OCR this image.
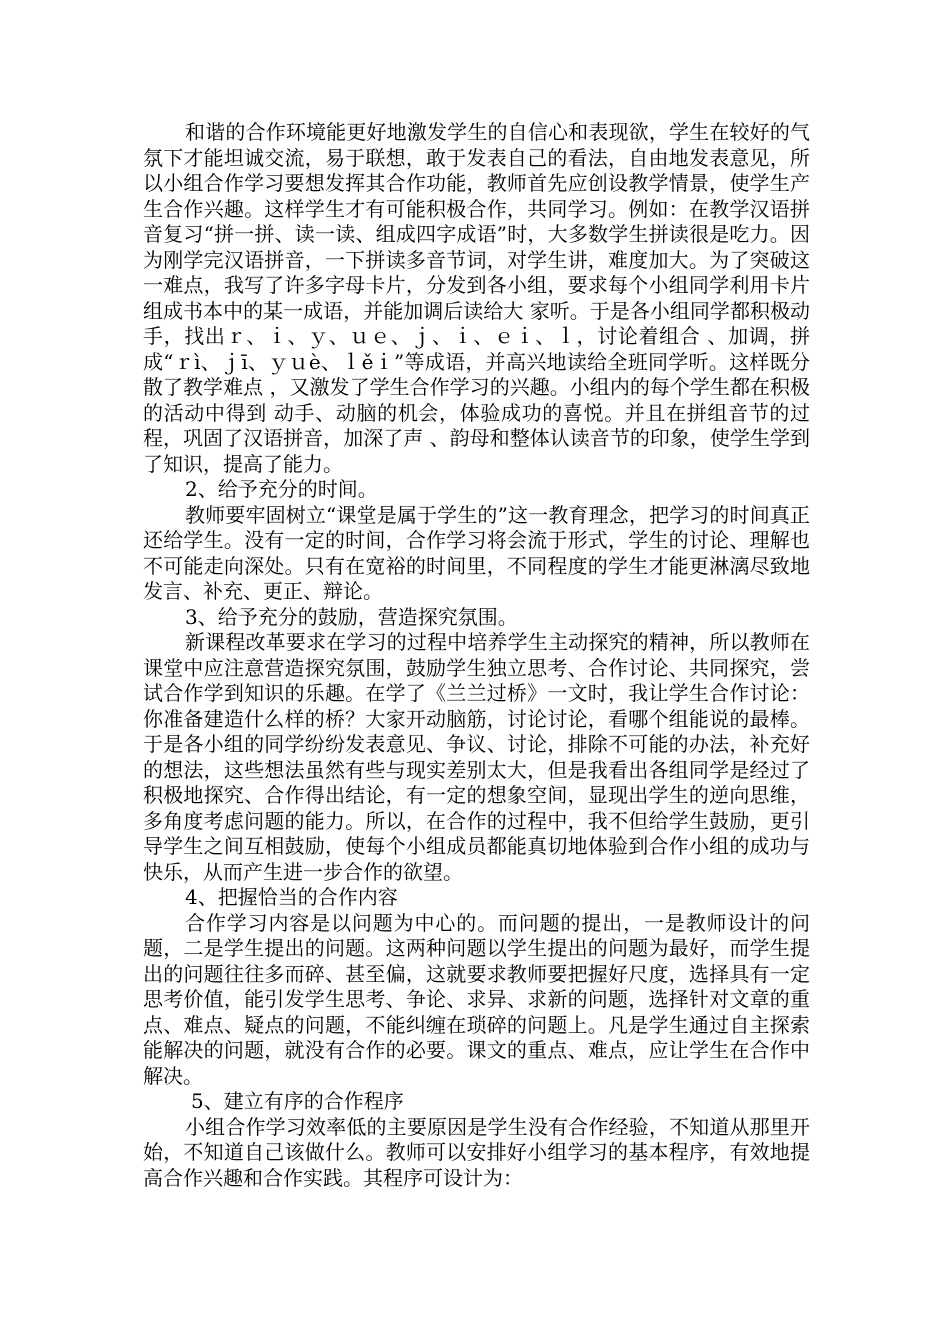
和谐的合作环境能更好地激发学生的自信心和表现欲，学生在较好的气氛下才能坦诚交流，易于联想，敢于发表自己的看法，自由地发表意见，所以小组合作学习要想发挥其合作功能，教师首先应创设教学情景，使学生产生合作兴趣。这样学生才有可能积极合作，共同学习。例如：在教学汉语拼音复习“拼一拼、读一读、组成四字成语”时，大多数学生拼读很是吃力。因为刚学完汉语拼音，一下拼读多音节词，对学生讲，难度加大。为了突破这一难点，我写了许多字母卡片，分发到各小组，要求每个小组同学利用卡片组成书本中的某一成语，并能加调后读给大 家听。于是各小组同学都积极动手，找出ｒ、ｉ、ｙ、ｕｅ、ｊ、ｉ、ｅｉ、ｌ，讨论着组合 、加调，拼成“ｒì、ｊī、ｙｕè、ｌěｉ”等成语，并高兴地读给全班同学听。这样既分散了教学难点 ，又激发了学生合作学习的兴趣。小组内的每个学生都在积极的活动中得到 动手、动脑的机会，体验成功的喜悦。并且在拼组音节的过程，巩固了汉语拼音，加深了声 、韵母和整体认读音节的印象，使学生学到了知识，提高了能力。

2、给予充分的时间。

教师要牢固树立“课堂是属于学生的”这一教育理念，把学习的时间真正还给学生。没有一定的时间，合作学习将会流于形式，学生的讨论、理解也不可能走向深处。只有在宽裕的时间里，不同程度的学生才能更淋漓尽致地发言、补充、更正、辩论。

3、给予充分的鼓励，营造探究氛围。

新课程改革要求在学习的过程中培养学生主动探究的精神，所以教师在课堂中应注意营造探究氛围，鼓励学生独立思考、合作讨论、共同探究，尝试合作学到知识的乐趣。在学了《兰兰过桥》一文时，我让学生合作讨论：你准备建造什么样的桥？大家开动脑筋，讨论讨论，看哪个组能说的最棒。于是各小组的同学纷纷发表意见、争议、讨论，排除不可能的办法，补充好的想法，这些想法虽然有些与现实差别太大，但是我看出各组同学是经过了积极地探究、合作得出结论，有一定的想象空间，显现出学生的逆向思维，多角度考虑问题的能力。所以，在合作的过程中，我不但给学生鼓励，更引导学生之间互相鼓励，使每个小组成员都能真切地体验到合作小组的成功与快乐，从而产生进一步合作的欲望。

4、把握恰当的合作内容

合作学习内容是以问题为中心的。而问题的提出，一是教师设计的问题，二是学生提出的问题。这两种问题以学生提出的问题为最好，而学生提出的问题往往多而碎、甚至偏，这就要求教师要把握好尺度，选择具有一定思考价值，能引发学生思考、争论、求异、求新的问题，选择针对文章的重点、难点、疑点的问题，不能纠缠在琐碎的问题上。凡是学生通过自主探索能解决的问题，就没有合作的必要。课文的重点、难点，应让学生在合作中解决。

5、建立有序的合作程序

小组合作学习效率低的主要原因是学生没有合作经验，不知道从那里开始，不知道自己该做什么。教师可以安排好小组学习的基本程序，有效地提高合作兴趣和合作实践。其程序可设计为：
